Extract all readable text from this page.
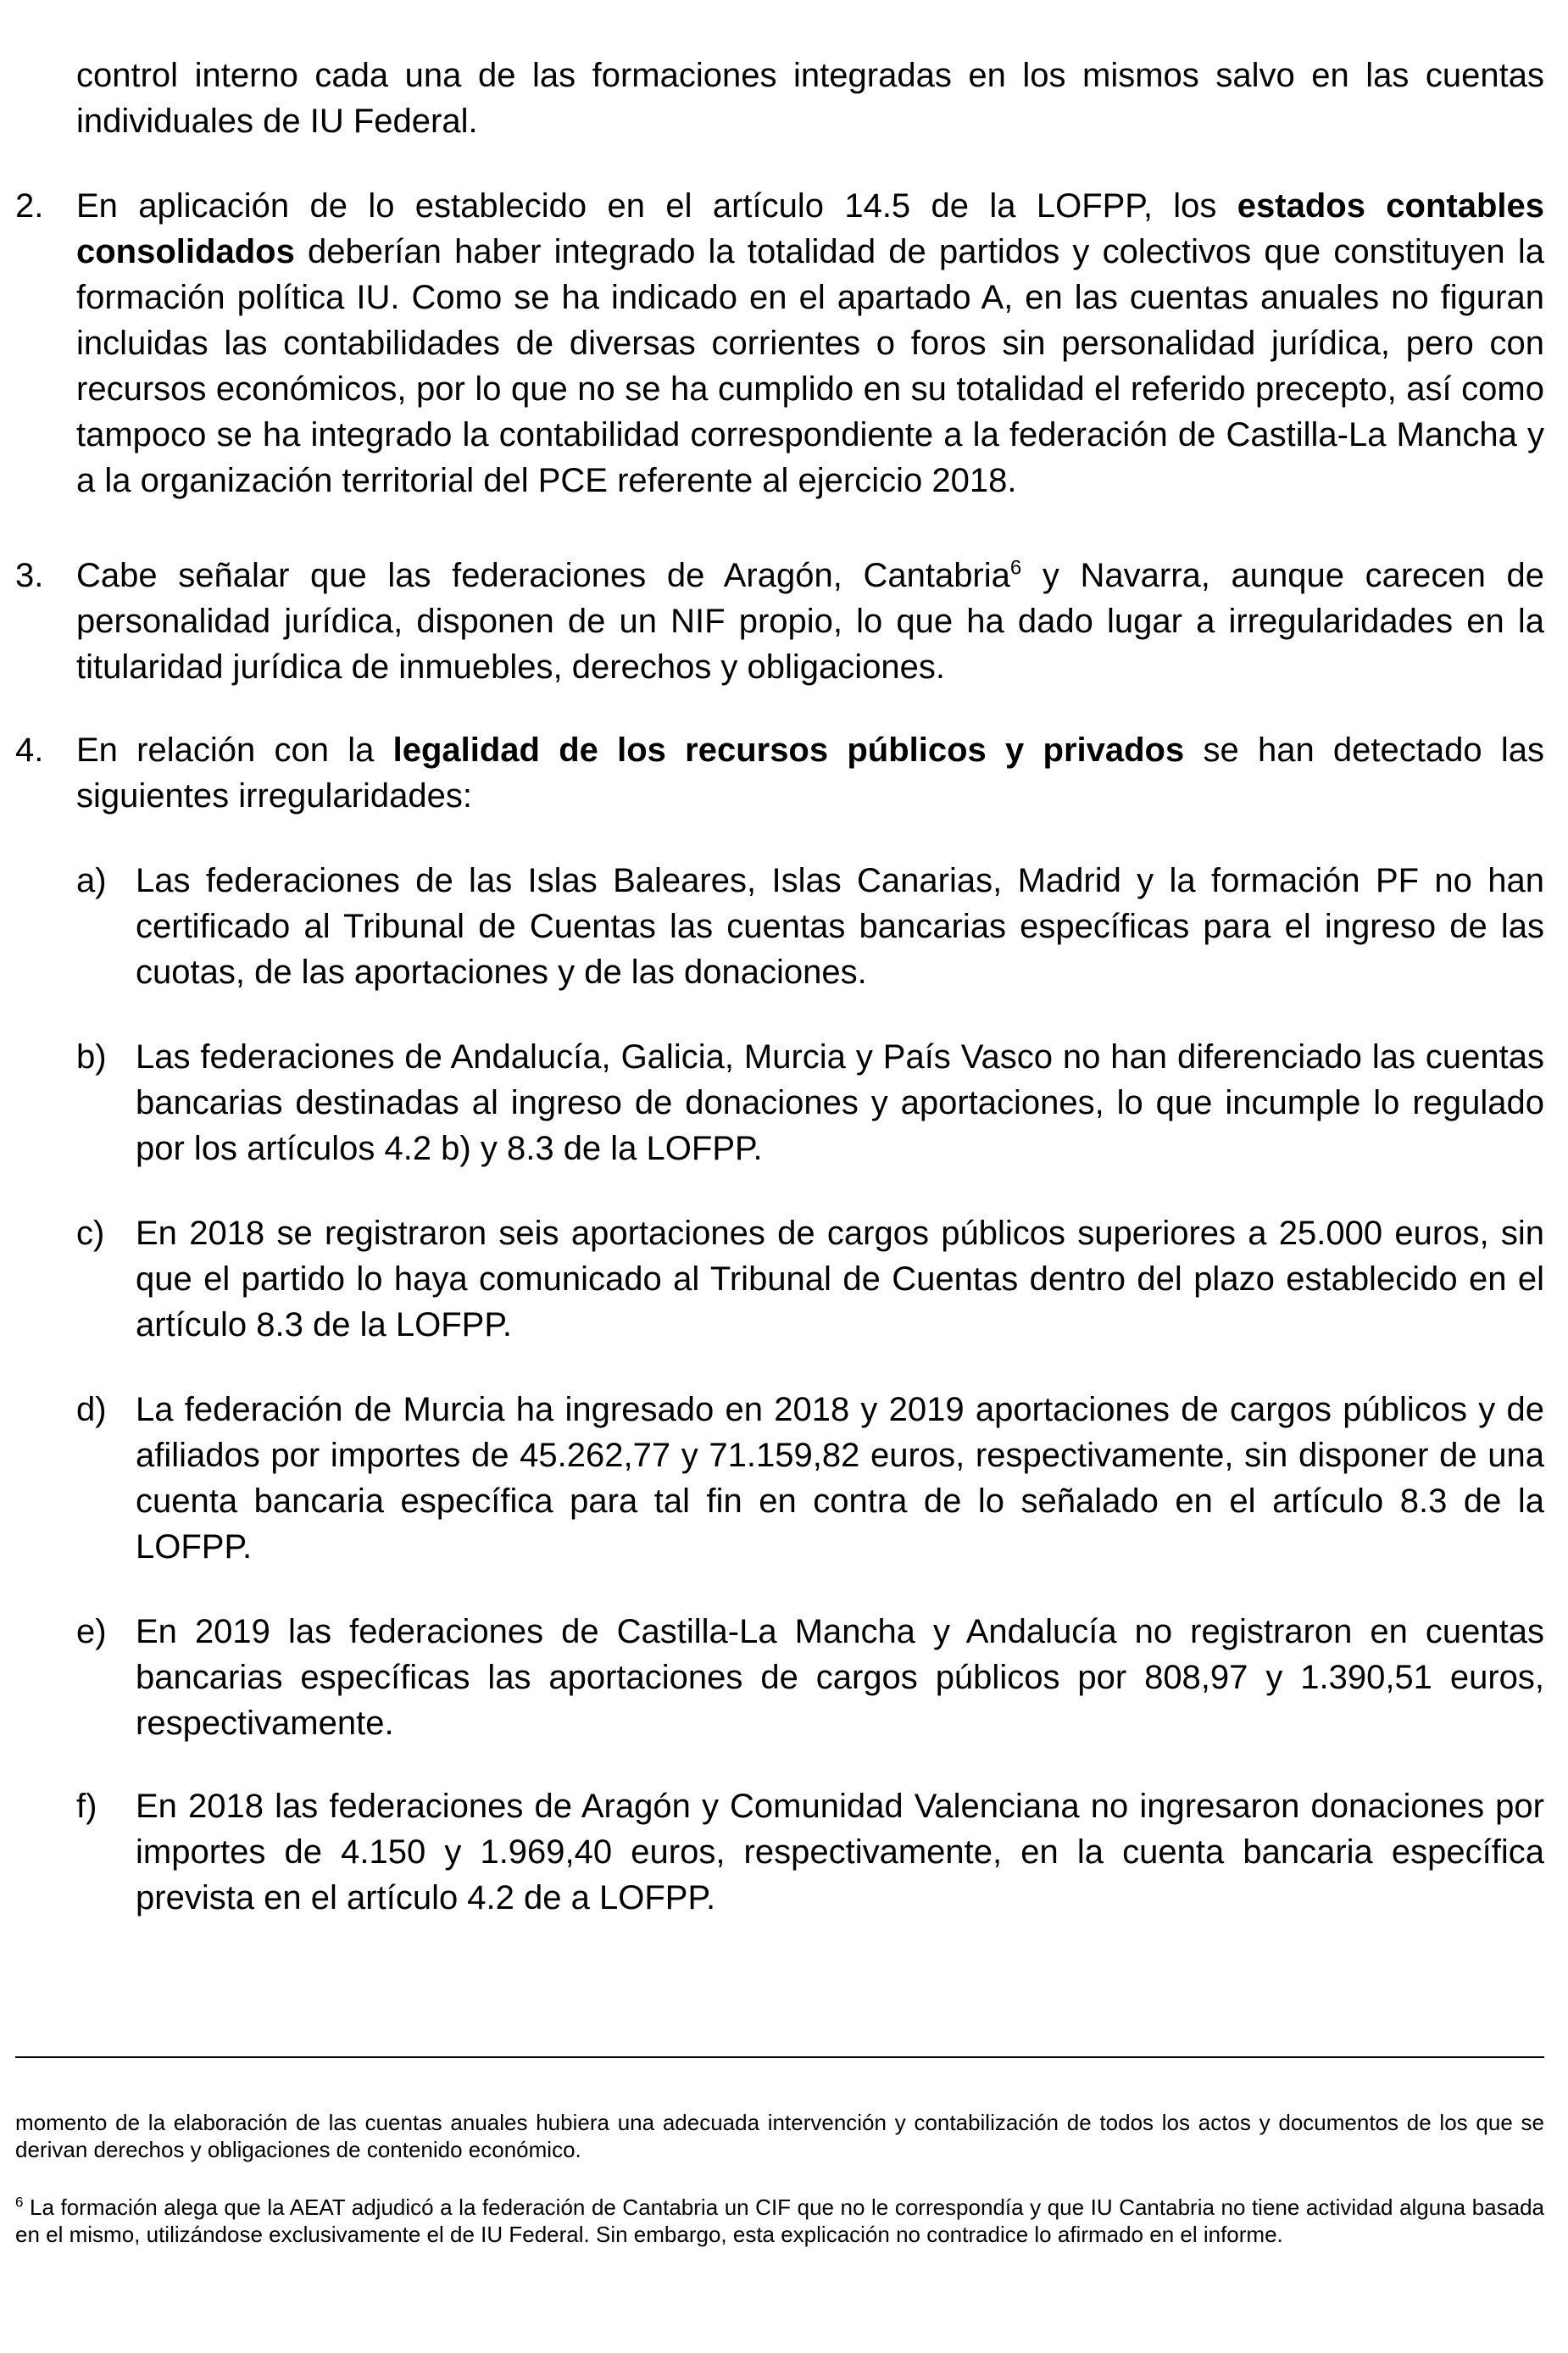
control interno cada una de las formaciones integradas en los mismos salvo en las cuentas individuales de IU Federal.

2. En aplicación de lo establecido en el artículo 14.5 de la LOFPP, los estados contables consolidados deberían haber integrado la totalidad de partidos y colectivos que constituyen la formación política IU. Como se ha indicado en el apartado A, en las cuentas anuales no figuran incluidas las contabilidades de diversas corrientes o foros sin personalidad jurídica, pero con recursos económicos, por lo que no se ha cumplido en su totalidad el referido precepto, así como tampoco se ha integrado la contabilidad correspondiente a la federación de Castilla-La Mancha y a la organización territorial del PCE referente al ejercicio 2018.

3. Cabe señalar que las federaciones de Aragón, Cantabria$^6$ y Navarra, aunque carecen de personalidad jurídica, disponen de un NIF propio, lo que ha dado lugar a irregularidades en la titularidad jurídica de inmuebles, derechos y obligaciones.

4. En relación con la legalidad de los recursos públicos y privados se han detectado las siguientes irregularidades:

a) Las federaciones de las Islas Baleares, Islas Canarias, Madrid y la formación PF no han certificado al Tribunal de Cuentas las cuentas bancarias específicas para el ingreso de las cuotas, de las aportaciones y de las donaciones.

b) Las federaciones de Andalucía, Galicia, Murcia y País Vasco no han diferenciado las cuentas bancarias destinadas al ingreso de donaciones y aportaciones, lo que incumple lo regulado por los artículos 4.2 b) y 8.3 de la LOFPP.

c) En 2018 se registraron seis aportaciones de cargos públicos superiores a 25.000 euros, sin que el partido lo haya comunicado al Tribunal de Cuentas dentro del plazo establecido en el artículo 8.3 de la LOFPP.

d) La federación de Murcia ha ingresado en 2018 y 2019 aportaciones de cargos públicos y de afiliados por importes de 45.262,77 y 71.159,82 euros, respectivamente, sin disponer de una cuenta bancaria específica para tal fin en contra de lo señalado en el artículo 8.3 de la LOFPP.

e) En 2019 las federaciones de Castilla-La Mancha y Andalucía no registraron en cuentas bancarias específicas las aportaciones de cargos públicos por 808,97 y 1.390,51 euros, respectivamente.

f) En 2018 las federaciones de Aragón y Comunidad Valenciana no ingresaron donaciones por importes de 4.150 y 1.969,40 euros, respectivamente, en la cuenta bancaria específica prevista en el artículo 4.2 de a LOFPP.

momento de la elaboración de las cuentas anuales hubiera una adecuada intervención y contabilización de todos los actos y documentos de los que se derivan derechos y obligaciones de contenido económico.

$^6$ La formación alega que la AEAT adjudicó a la federación de Cantabria un CIF que no le correspondía y que IU Cantabria no tiene actividad alguna basada en el mismo, utilizándose exclusivamente el de IU Federal. Sin embargo, esta explicación no contradice lo afirmado en el informe.
